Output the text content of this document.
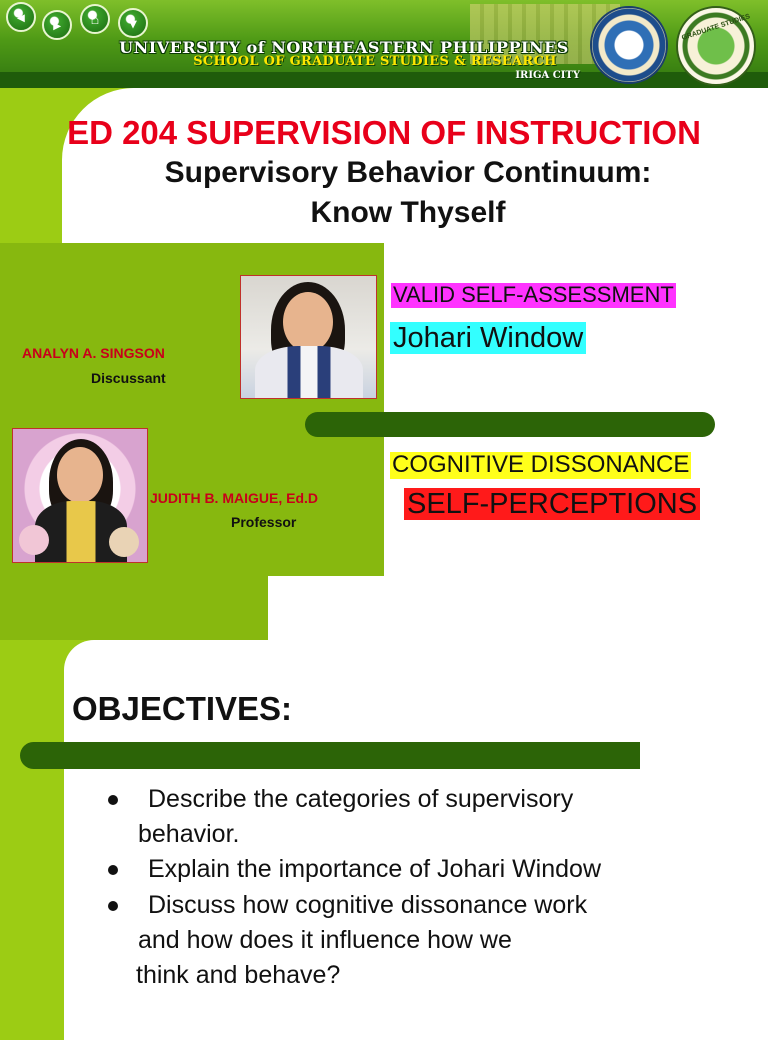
◂	▸	⌂	▾
UNIVERSITY of NORTHEASTERN PHILIPPINES
SCHOOL OF GRADUATE STUDIES & RESEARCH
IRIGA CITY
GRADUATE STUDIES
ED 204 SUPERVISION OF INSTRUCTION
Supervisory Behavior Continuum:
Know Thyself
ANALYN A. SINGSON
Discussant
JUDITH B. MAIGUE, Ed.D
Professor
VALID SELF-ASSESSMENT
Johari Window
COGNITIVE DISSONANCE
SELF-PERCEPTIONS
OBJECTIVES:
Describe the categories of supervisory
behavior.
Explain the importance of Johari Window
Discuss how cognitive dissonance work
and how does it influence how we
think and behave?
